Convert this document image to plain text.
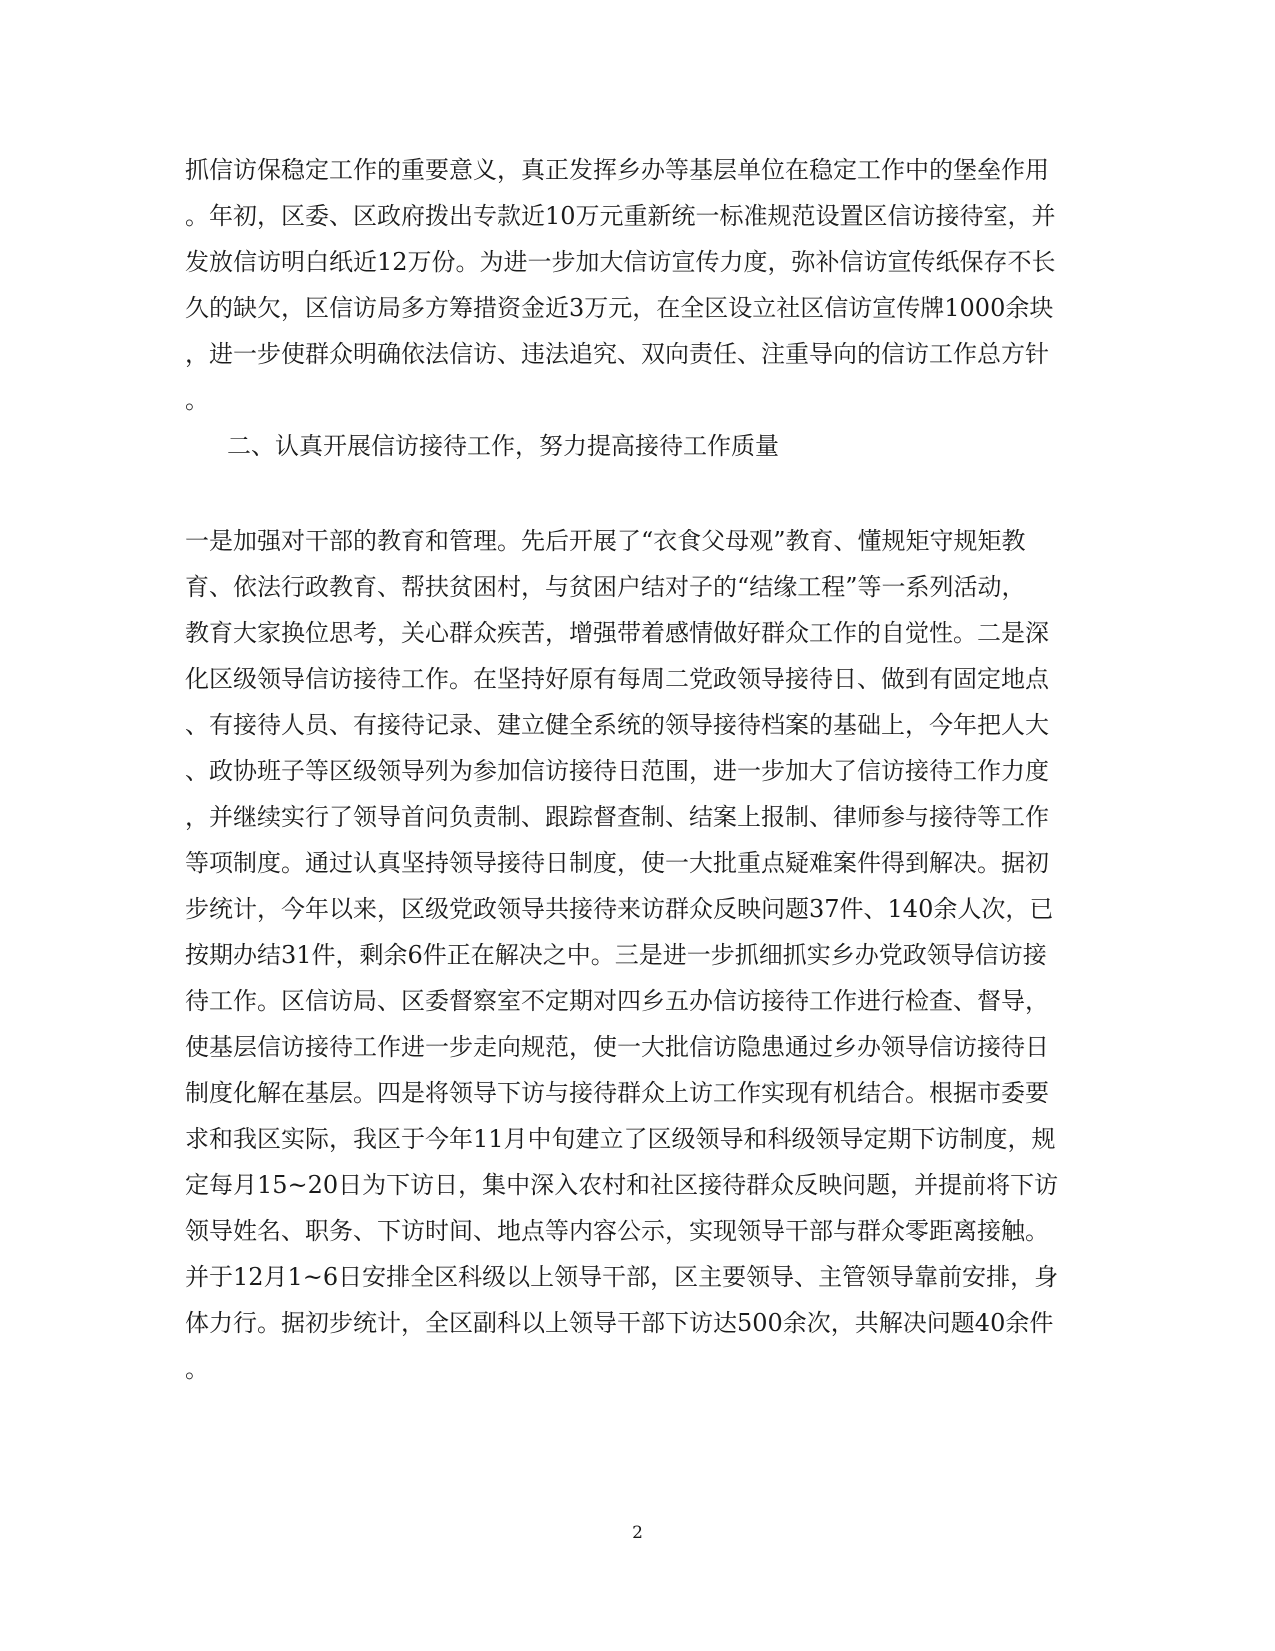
抓信访保稳定工作的重要意义，真正发挥乡办等基层单位在稳定工作中的堡垒作用
。年初，区委、区政府拨出专款近10万元重新统一标准规范设置区信访接待室，并
发放信访明白纸近12万份。为进一步加大信访宣传力度，弥补信访宣传纸保存不长
久的缺欠，区信访局多方筹措资金近3万元，在全区设立社区信访宣传牌1000余块
，进一步使群众明确依法信访、违法追究、双向责任、注重导向的信访工作总方针
。
二、认真开展信访接待工作，努力提高接待工作质量
一是加强对干部的教育和管理。先后开展了“衣食父母观”教育、懂规矩守规矩教
育、依法行政教育、帮扶贫困村，与贫困户结对子的“结缘工程”等一系列活动，
教育大家换位思考，关心群众疾苦，增强带着感情做好群众工作的自觉性。二是深
化区级领导信访接待工作。在坚持好原有每周二党政领导接待日、做到有固定地点
、有接待人员、有接待记录、建立健全系统的领导接待档案的基础上，今年把人大
、政协班子等区级领导列为参加信访接待日范围，进一步加大了信访接待工作力度
，并继续实行了领导首问负责制、跟踪督查制、结案上报制、律师参与接待等工作
等项制度。通过认真坚持领导接待日制度，使一大批重点疑难案件得到解决。据初
步统计，今年以来，区级党政领导共接待来访群众反映问题37件、140余人次，已
按期办结31件，剩余6件正在解决之中。三是进一步抓细抓实乡办党政领导信访接
待工作。区信访局、区委督察室不定期对四乡五办信访接待工作进行检查、督导，
使基层信访接待工作进一步走向规范，使一大批信访隐患通过乡办领导信访接待日
制度化解在基层。四是将领导下访与接待群众上访工作实现有机结合。根据市委要
求和我区实际，我区于今年11月中旬建立了区级领导和科级领导定期下访制度，规
定每月15~20日为下访日，集中深入农村和社区接待群众反映问题，并提前将下访
领导姓名、职务、下访时间、地点等内容公示，实现领导干部与群众零距离接触。
并于12月1~6日安排全区科级以上领导干部，区主要领导、主管领导靠前安排，身
体力行。据初步统计，全区副科以上领导干部下访达500余次，共解决问题40余件
。
2
